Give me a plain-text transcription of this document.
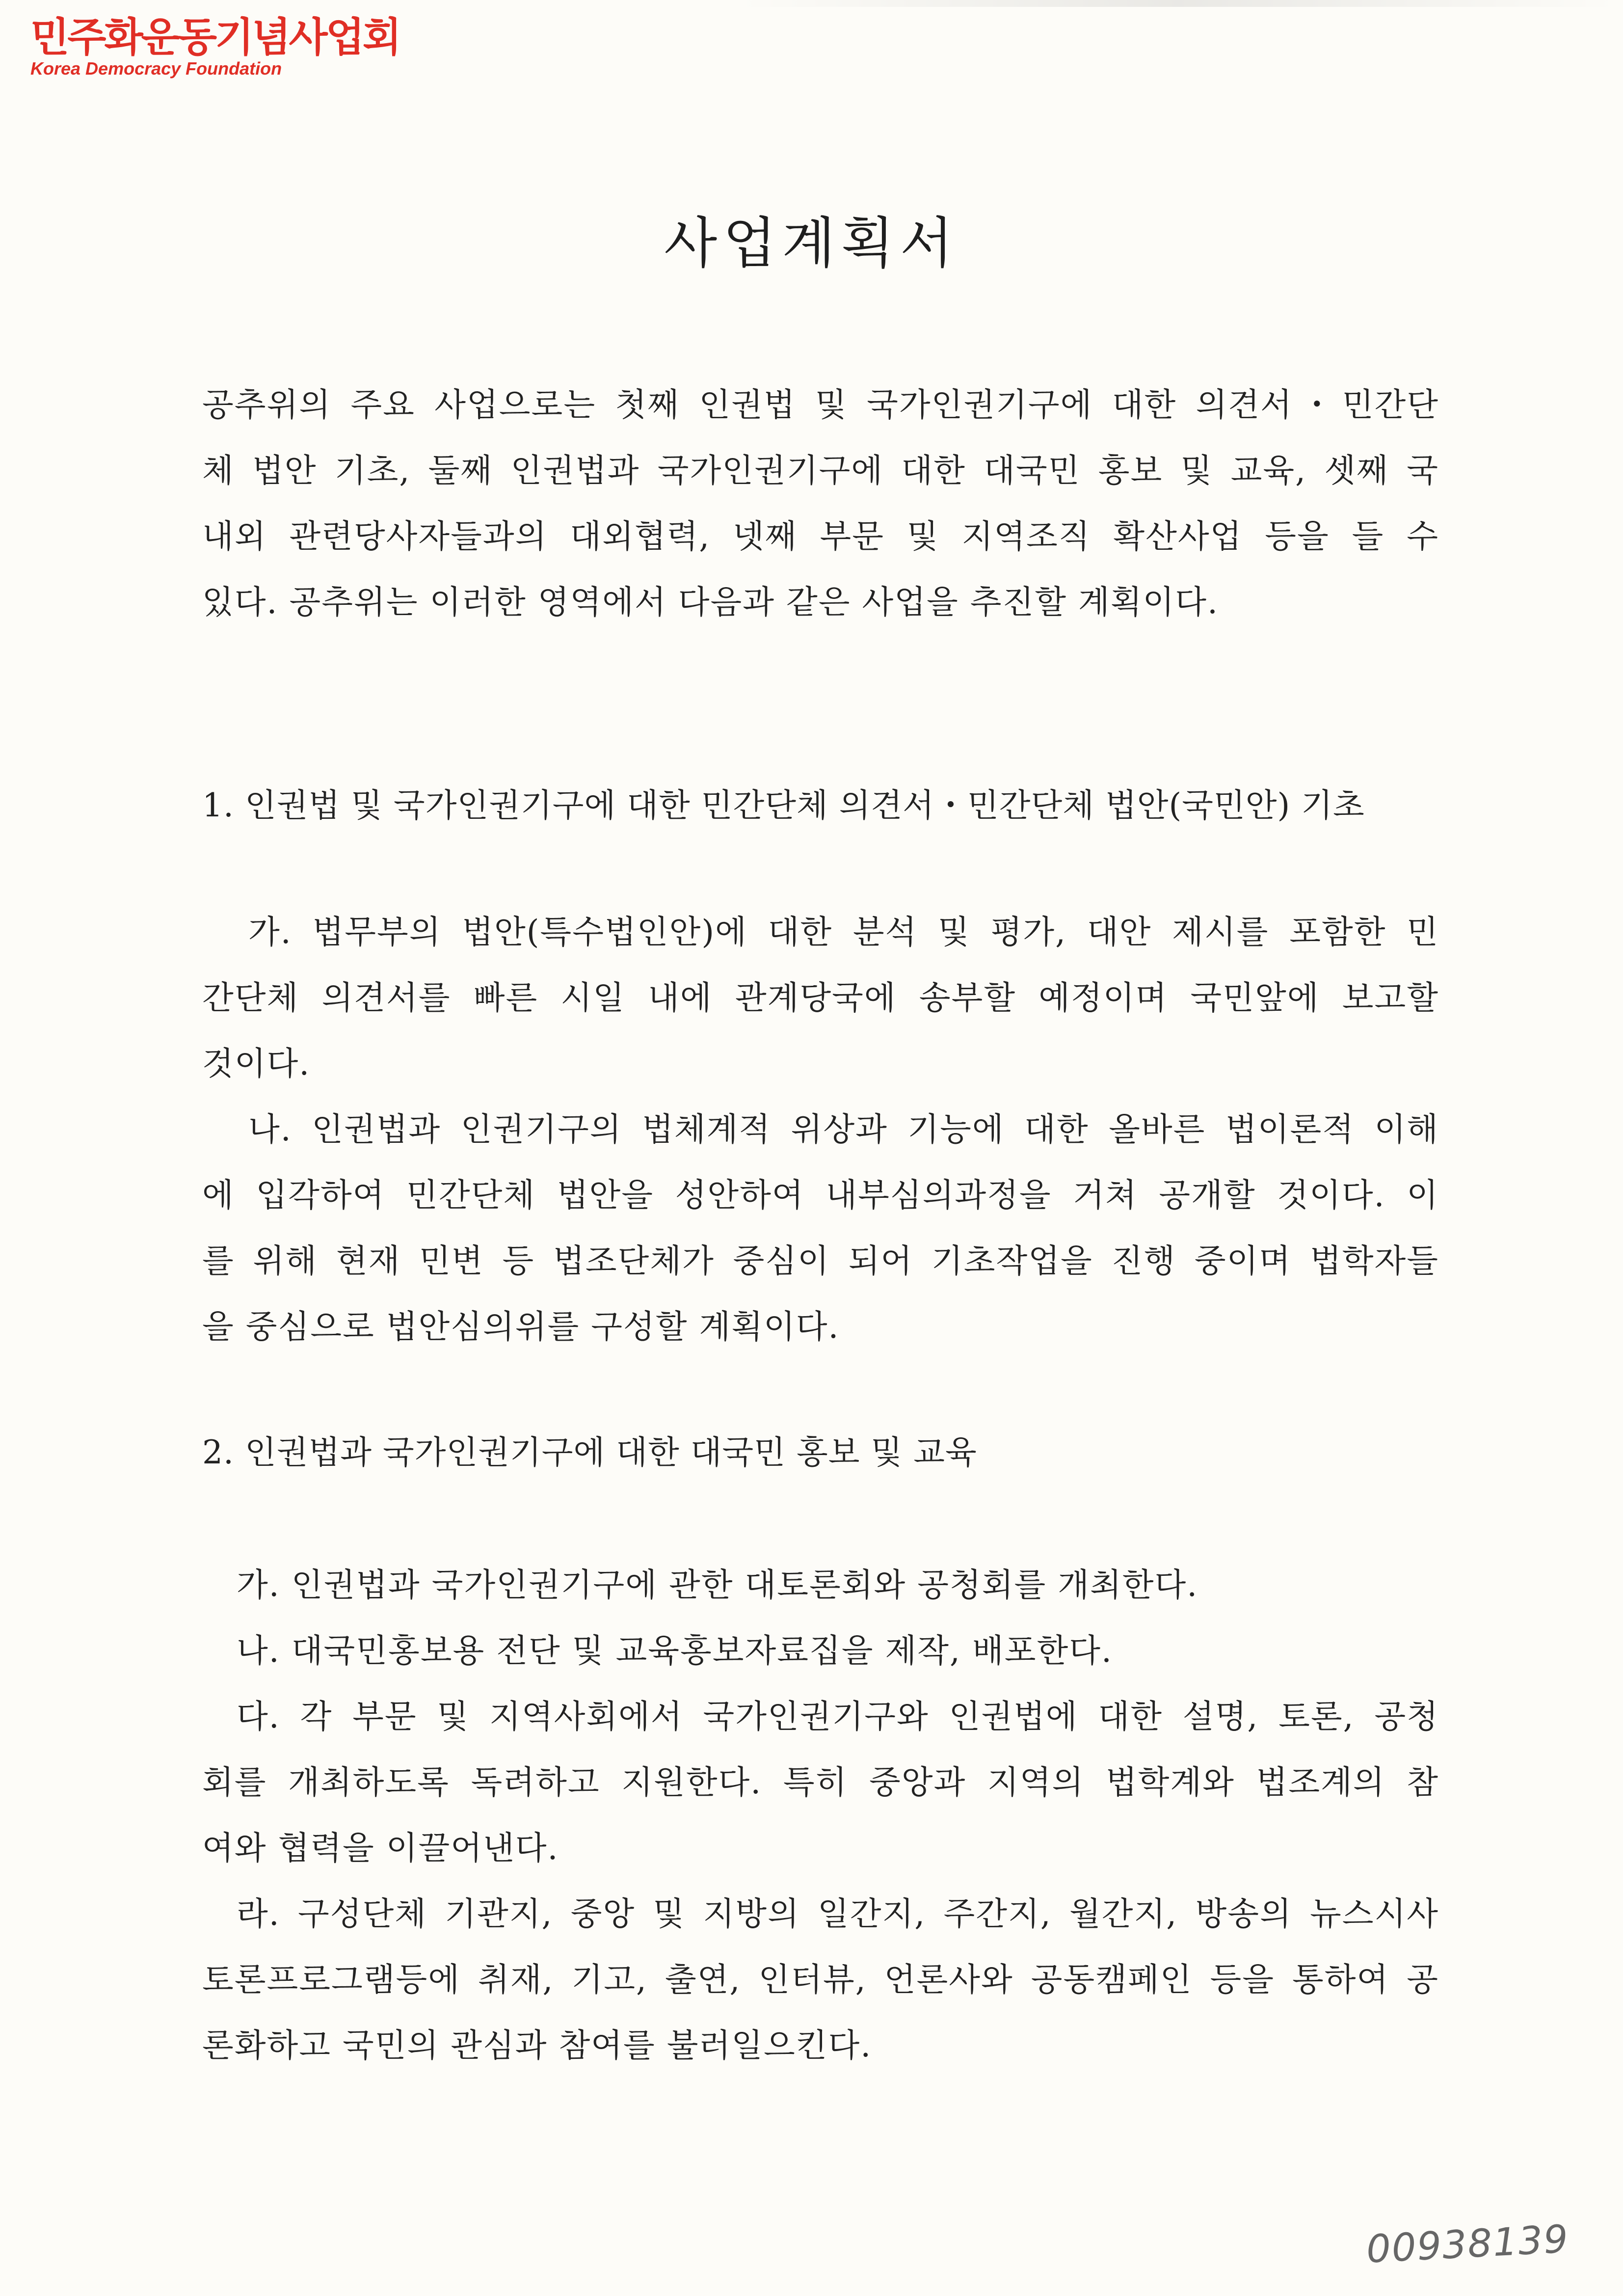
민주화운동기념사업회
Korea Democracy Foundation
사업계획서
공추위의 주요 사업으로는 첫째 인권법 및 국가인권기구에 대한 의견서・민간단
체 법안 기초, 둘째 인권법과 국가인권기구에 대한 대국민 홍보 및 교육, 셋째 국
내외 관련당사자들과의 대외협력, 넷째 부문 및 지역조직 확산사업 등을 들 수
있다. 공추위는 이러한 영역에서 다음과 같은 사업을 추진할 계획이다.
1. 인권법 및 국가인권기구에 대한 민간단체 의견서・민간단체 법안(국민안) 기초
가. 법무부의 법안(특수법인안)에 대한 분석 및 평가, 대안 제시를 포함한 민
간단체 의견서를 빠른 시일 내에 관계당국에 송부할 예정이며 국민앞에 보고할
것이다.
나. 인권법과 인권기구의 법체계적 위상과 기능에 대한 올바른 법이론적 이해
에 입각하여 민간단체 법안을 성안하여 내부심의과정을 거쳐 공개할 것이다. 이
를 위해 현재 민변 등 법조단체가 중심이 되어 기초작업을 진행 중이며 법학자들
을 중심으로 법안심의위를 구성할 계획이다.
2. 인권법과 국가인권기구에 대한 대국민 홍보 및 교육
가. 인권법과 국가인권기구에 관한 대토론회와 공청회를 개최한다.
나. 대국민홍보용 전단 및 교육홍보자료집을 제작, 배포한다.
다. 각 부문 및 지역사회에서 국가인권기구와 인권법에 대한 설명, 토론, 공청
회를 개최하도록 독려하고 지원한다. 특히 중앙과 지역의 법학계와 법조계의 참
여와 협력을 이끌어낸다.
라. 구성단체 기관지, 중앙 및 지방의 일간지, 주간지, 월간지, 방송의 뉴스시사
토론프로그램등에 취재, 기고, 출연, 인터뷰, 언론사와 공동캠페인 등을 통하여 공
론화하고 국민의 관심과 참여를 불러일으킨다.
00938139
